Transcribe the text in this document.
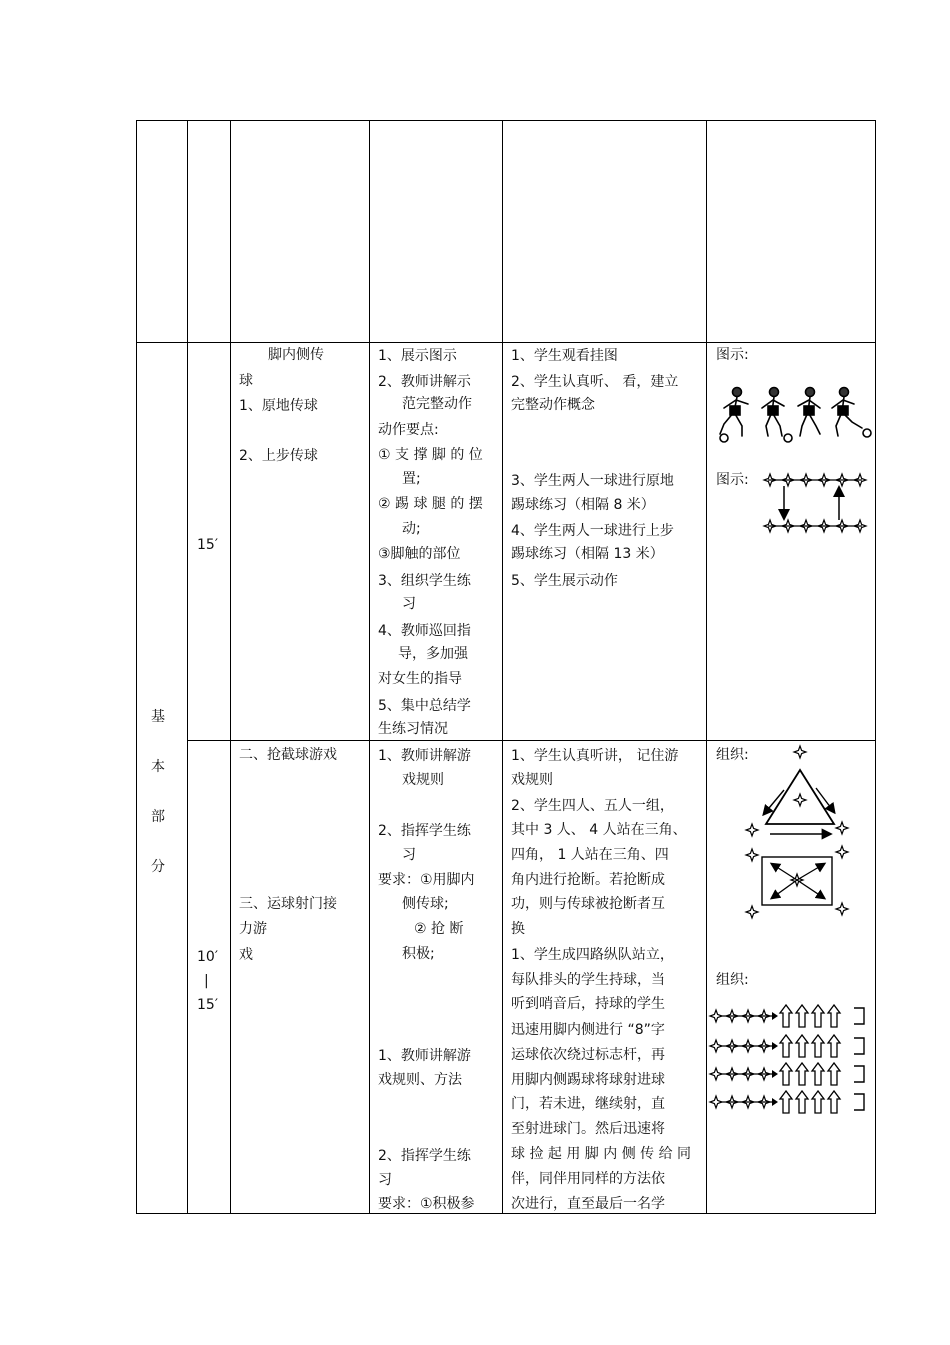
基
本
部
分
15′
脚内侧传
球
1、原地传球
2、上步传球
1、展示图示
2、教师讲解示
范完整动作
动作要点:
① 支 撑 脚 的 位
置;
② 踢 球 腿 的 摆
动;
③脚触的部位
3、组织学生练
习
4、教师巡回指
导，多加强
对女生的指导
5、集中总结学
生练习情况
1、学生观看挂图
2、学生认真听、 看，建立
完整动作概念
3、学生两人一球进行原地
踢球练习（相隔 8 米）
4、学生两人一球进行上步
踢球练习（相隔 13 米）
5、学生展示动作
图示:
图示:
10′
|
15′
二、抢截球游戏
三、运球射门接
力游
戏
1、教师讲解游
戏规则
2、指挥学生练
习
要求：①用脚内
侧传球;
② 抢 断
积极;
1、教师讲解游
戏规则、方法
2、指挥学生练
习
要求：①积极参
1、学生认真听讲， 记住游
戏规则
2、学生四人、五人一组，
其中 3 人、 4 人站在三角、
四角， 1 人站在三角、四
角内进行抢断。若抢断成
功，则与传球被抢断者互
换
1、学生成四路纵队站立，
每队排头的学生持球，当
听到哨音后，持球的学生
迅速用脚内侧进行 “8”字
运球依次绕过标志杆，再
用脚内侧踢球将球射进球
门，若未进，继续射，直
至射进球门。然后迅速将
球 捡 起 用 脚 内 侧 传 给 同
伴，同伴用同样的方法依
次进行，直至最后一名学
组织:
组织:
